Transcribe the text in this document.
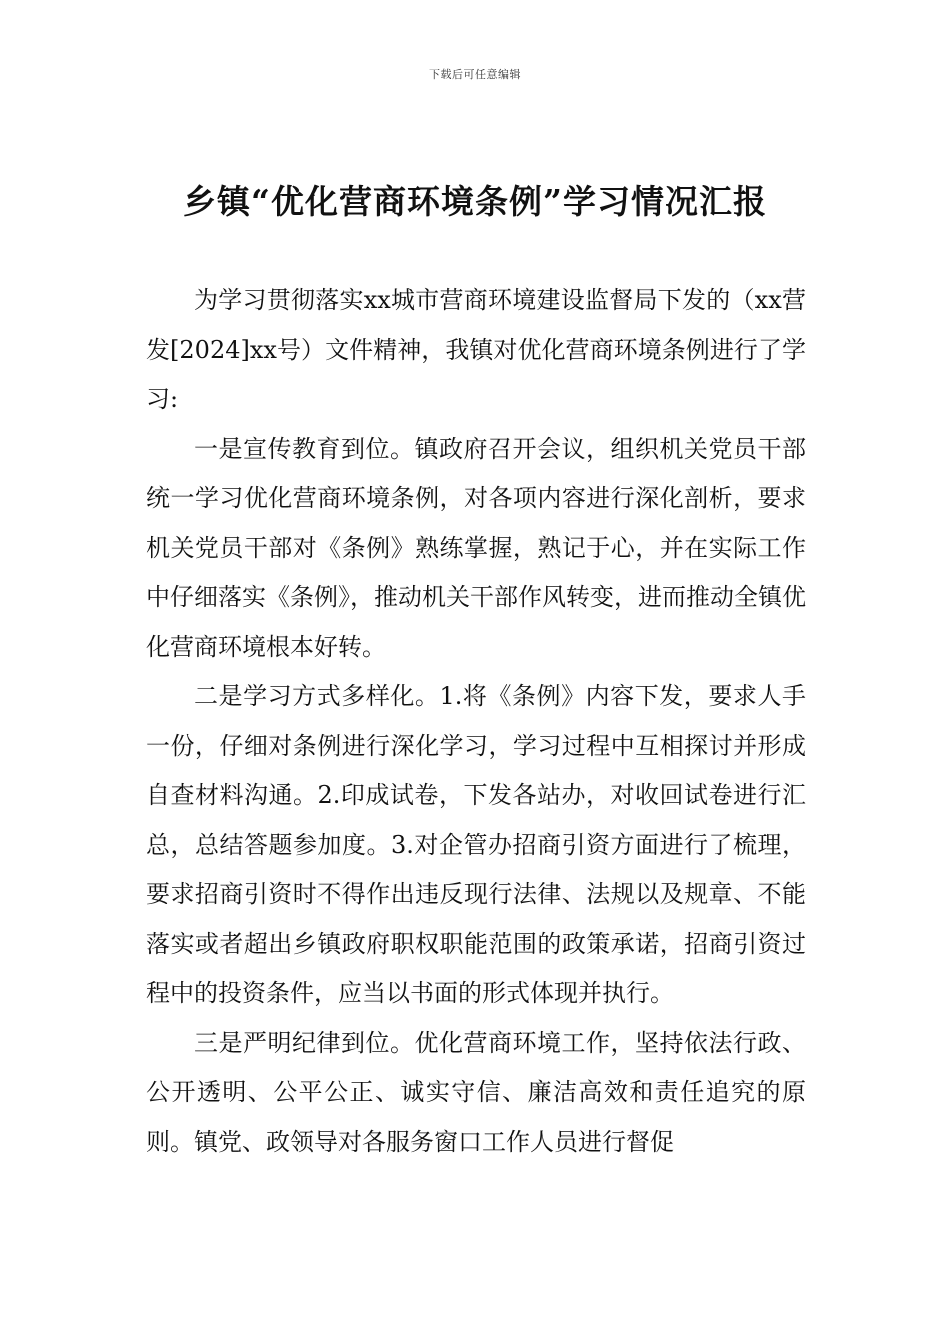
下载后可任意编辑
乡镇“优化营商环境条例”学习情况汇报

为学习贯彻落实xx城市营商环境建设监督局下发的（xx营发[2024]xx号）文件精神，我镇对优化营商环境条例进行了学习:

一是宣传教育到位。镇政府召开会议，组织机关党员干部统一学习优化营商环境条例，对各项内容进行深化剖析，要求机关党员干部对《条例》熟练掌握，熟记于心，并在实际工作中仔细落实《条例》，推动机关干部作风转变，进而推动全镇优化营商环境根本好转。

二是学习方式多样化。1.将《条例》内容下发，要求人手一份，仔细对条例进行深化学习，学习过程中互相探讨并形成自查材料沟通。2.印成试卷，下发各站办，对收回试卷进行汇总，总结答题参加度。3.对企管办招商引资方面进行了梳理，要求招商引资时不得作出违反现行法律、法规以及规章、不能落实或者超出乡镇政府职权职能范围的政策承诺，招商引资过程中的投资条件，应当以书面的形式体现并执行。

三是严明纪律到位。优化营商环境工作，坚持依法行政、公开透明、公平公正、诚实守信、廉洁高效和责任追究的原则。镇党、政领导对各服务窗口工作人员进行督促
